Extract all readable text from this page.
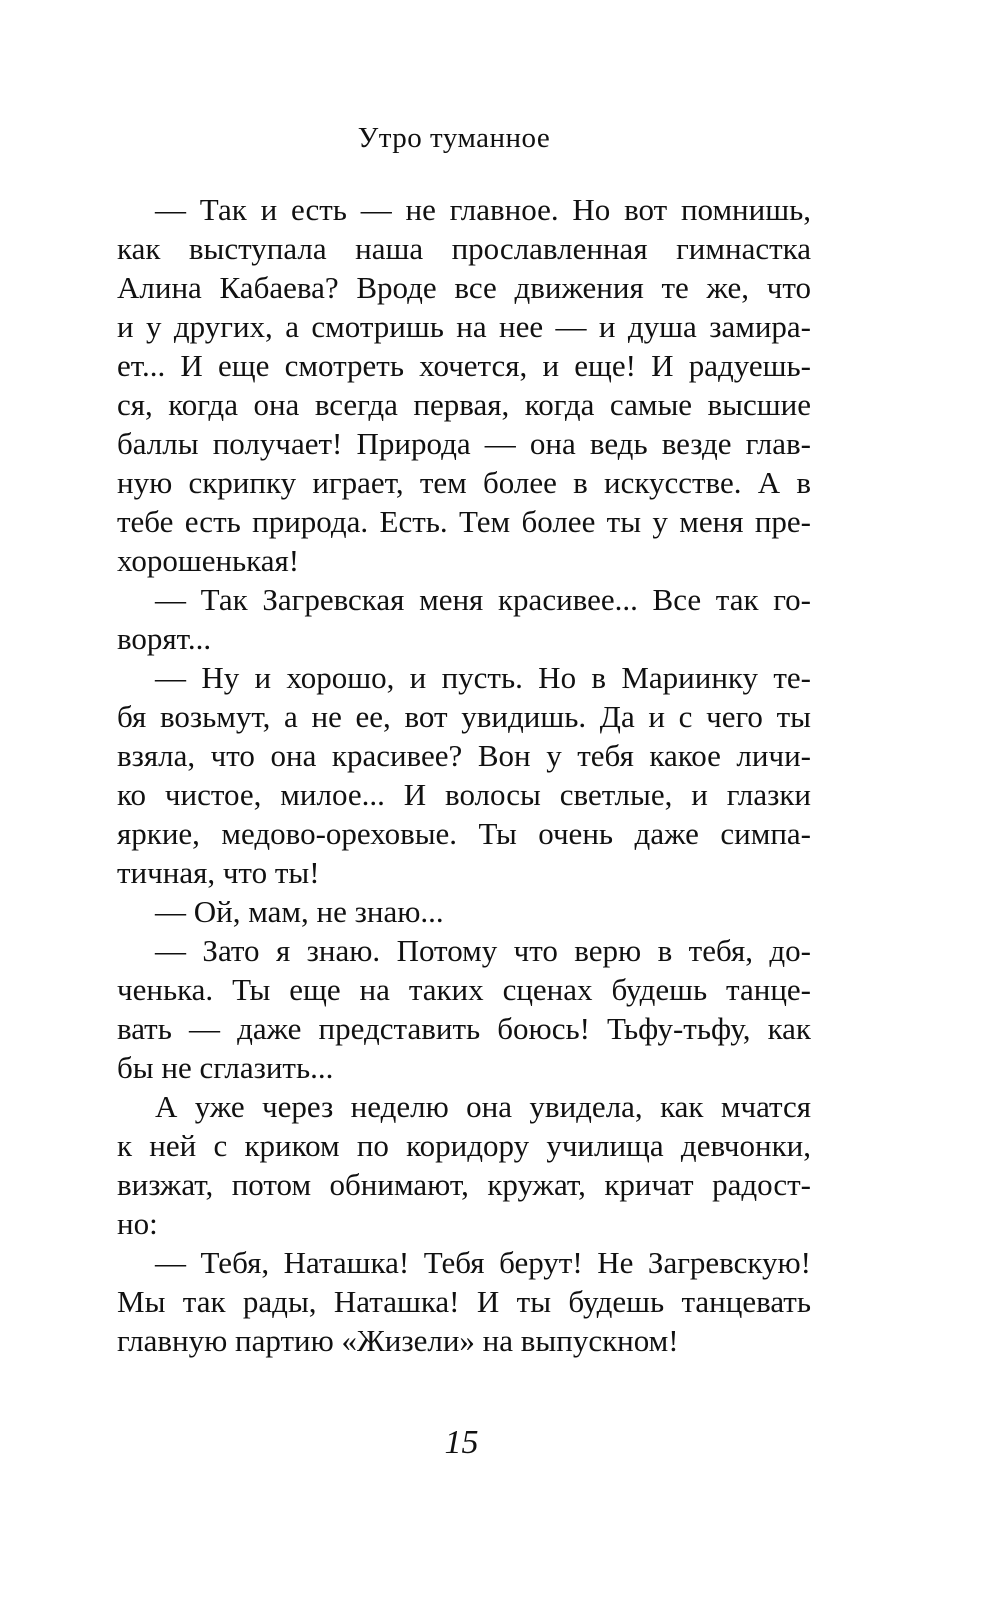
Утро туманное
— Так и есть — не главное. Но вот помнишь,
как выступала наша прославленная гимнастка
Алина Кабаева? Вроде все движения те же, что
и у других, а смотришь на нее — и душа замира-
ет... И еще смотреть хочется, и еще! И радуешь-
ся, когда она всегда первая, когда самые высшие
баллы получает! Природа — она ведь везде глав-
ную скрипку играет, тем более в искусстве. А в
тебе есть природа. Есть. Тем более ты у меня пре-
хорошенькая!
— Так Загревская меня красивее... Все так го-
ворят...
— Ну и хорошо, и пусть. Но в Мариинку те-
бя возьмут, а не ее, вот увидишь. Да и с чего ты
взяла, что она красивее? Вон у тебя какое личи-
ко чистое, милое... И волосы светлые, и глазки
яркие, медово-ореховые. Ты очень даже симпа-
тичная, что ты!
— Ой, мам, не знаю...
— Зато я знаю. Потому что верю в тебя, до-
ченька. Ты еще на таких сценах будешь танце-
вать — даже представить боюсь! Тьфу-тьфу, как
бы не сглазить...
А уже через неделю она увидела, как мчатся
к ней с криком по коридору училища девчонки,
визжат, потом обнимают, кружат, кричат радост-
но:
— Тебя, Наташка! Тебя берут! Не Загревскую!
Мы так рады, Наташка! И ты будешь танцевать
главную партию «Жизели» на выпускном!
15
